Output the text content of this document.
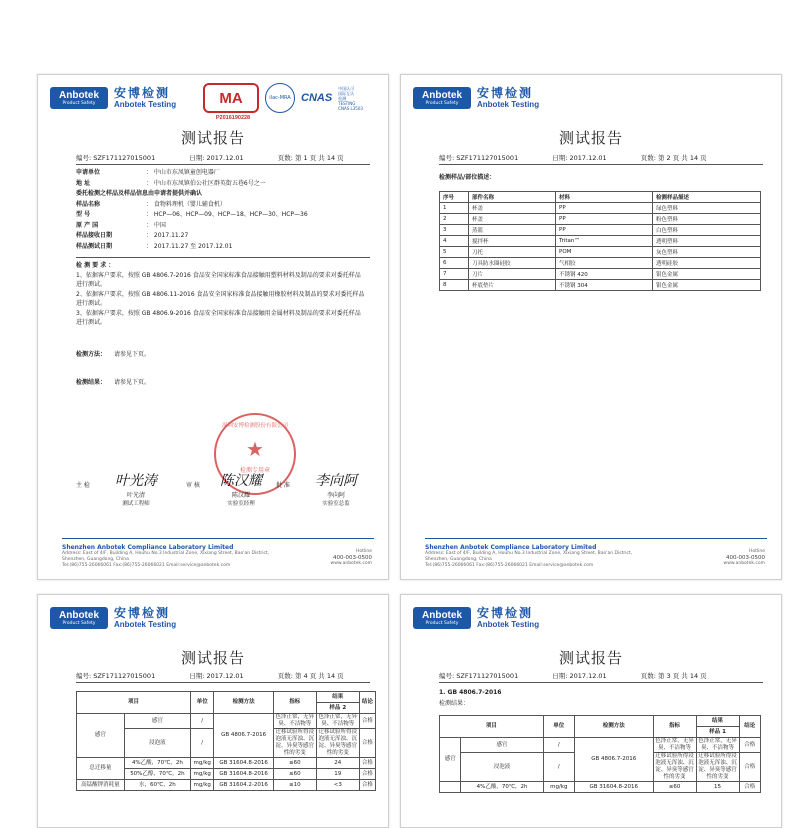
Anbotek
Product Safety
安博检测
Anbotek Testing	MA
P2016190228
ilac-MRA CNAS
中国认可
国际互认
检测
TESTING
CNAS L3503
测试报告
编号: SZF171127015001	日期: 2017.12.01	页数: 第 1 页 共 14 页
申请单位	： 中山市东凤镇童创电器厂
地 址	： 中山市东凤镇伯公社区群英街五巷6号之一
委托检测之样品及样品信息由申请者提供并确认
样品名称	： 食物料理机（婴儿辅食机）
型 号	： HCP—06、HCP—09、HCP—18、HCP—30、HCP—36
原 产 国	： 中国
样品接收日期	： 2017.11.27
样品测试日期	： 2017.11.27 至 2017.12.01
检 测 要 求 ：
1、依据客户要求，按照 GB 4806.7-2016 食品安全国家标准食品接触用塑料材料及制品的要求对委托样品进行测试。
2、依据客户要求，按照 GB 4806.11-2016 食品安全国家标准食品接触用橡胶材料及制品的要求对委托样品进行测试。
3、依据客户要求，按照 GB 4806.9-2016 食品安全国家标准食品接触用金属材料及制品的要求对委托样品进行测试。
检测方法： 请参见下页。
检测结果： 请参见下页。
深圳安博检测股份有限公司
★
检测专用章
主 检	叶光涛
叶光清
测试工程师
审 核	陈汉耀
陈汉耀
实验室经理
批 准	李向阿
李向阿
实验室总监
Shenzhen Anbotek Compliance Laboratory Limited
Address: East of 4/F, Building A, Houhu No.3 Industrial Zone, Xixiang Street, Bao'an District,
Shenzhen, Guangdong, China
Tel:(86)755-26066061 Fax:(86)755-26066021 Email:service@anbotek.com
Hotline
400-003-0500
www.anbotek.com
Anbotek
Product Safety
安博检测
Anbotek Testing
测试报告
编号: SZF171127015001	日期: 2017.12.01	页数: 第 2 页 共 14 页
检测样品/部位描述：
序号	部件名称	材料	检测样品描述
1	杯盖	PP	绿色塑料
2	杯盖	PP	粉色塑料
3	蒸篮	PP	白色塑料
4	搅拌杯	Tritan™	透明塑料
5	刀托	POM	灰色塑料
6	刀具防水圈硅胶	气相胶	透明硅胶
7	刀片	不锈钢 420	银色金属
8	杯底垫片	不锈钢 304	银色金属
Shenzhen Anbotek Compliance Laboratory Limited
Address: East of 4/F, Building A, Houhu No.3 Industrial Zone, Xixiang Street, Bao'an District,
Shenzhen, Guangdong, China
Tel:(86)755-26066061 Fax:(86)755-26066021 Email:service@anbotek.com
Hotline
400-003-0500
www.anbotek.com
Anbotek
Product Safety
安博检测
Anbotek Testing
测试报告
编号: SZF171127015001	日期: 2017.12.01	页数: 第 4 页 共 14 页
项目		单位	检测方法	指标	结果	结论
					样品 2	
感官	感官	/	GB 4806.7-2016	色泽正常，无异臭、不洁物等	色泽正常，无异臭、不洁物等	合格
	浸泡液	/		迁移试验所得浸泡液无浑浊、沉淀、异臭等感官性的劣变	迁移试验所得浸泡液无浑浊、沉淀、异臭等感官性的劣变	合格
总迁移量	4%乙酸，70℃，2h	mg/kg	GB 31604.8-2016	≤60	24	合格
	50%乙醇，70℃，2h	mg/kg	GB 31604.8-2016	≤60	19	合格
高锰酸钾消耗量	水，60℃，2h	mg/kg	GB 31604.2-2016	≤10	<3	合格
Anbotek
Product Safety
安博检测
Anbotek Testing
测试报告
编号: SZF171127015001	日期: 2017.12.01	页数: 第 3 页 共 14 页
1. GB 4806.7-2016
检测结果：
项目		单位	检测方法	指标	结果	结论
					样品 1	
感官	感官	/	GB 4806.7-2016	色泽正常，无异臭、不洁物等	色泽正常，无异臭、不洁物等	合格
	浸泡液	/		迁移试验所得浸泡液无浑浊、沉淀、异臭等感官性的劣变	迁移试验所得浸泡液无浑浊、沉淀、异臭等感官性的劣变	合格
	4%乙酸，70℃，2h	mg/kg	GB 31604.8-2016	≤60	15	合格
